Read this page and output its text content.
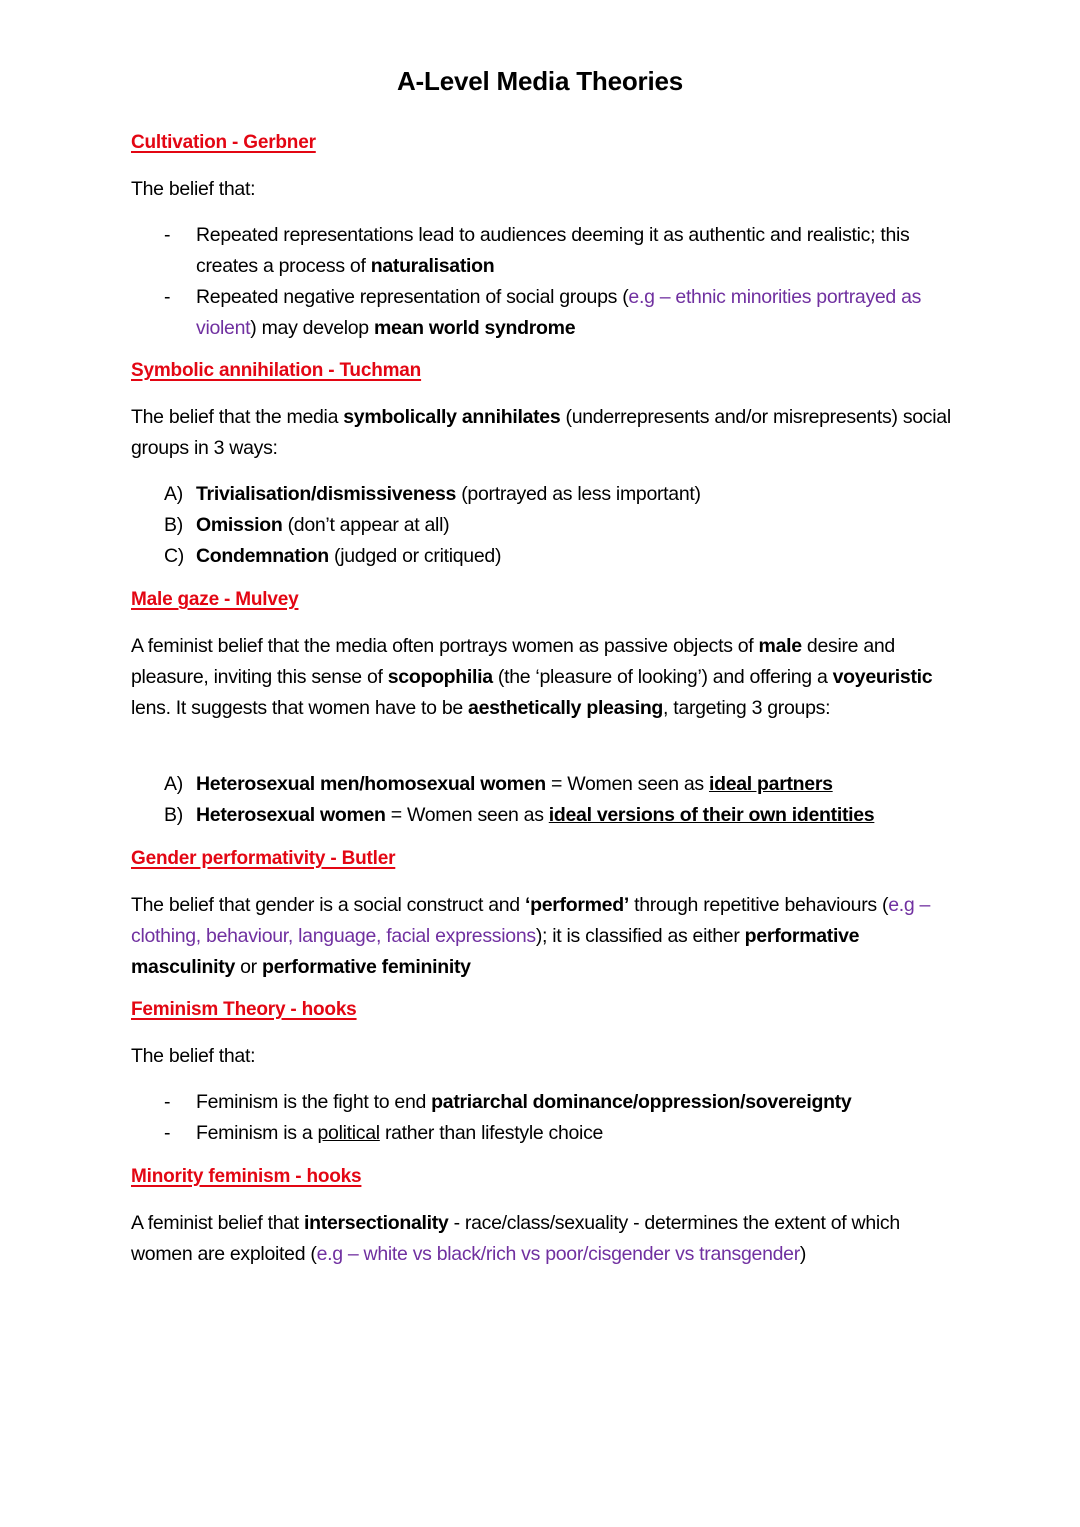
A-Level Media Theories
Cultivation - Gerbner
The belief that:
- Repeated representations lead to audiences deeming it as authentic and realistic; this creates a process of naturalisation
- Repeated negative representation of social groups (e.g – ethnic minorities portrayed as violent) may develop mean world syndrome
Symbolic annihilation - Tuchman
The belief that the media symbolically annihilates (underrepresents and/or misrepresents) social groups in 3 ways:
A) Trivialisation/dismissiveness (portrayed as less important)
B) Omission (don’t appear at all)
C) Condemnation (judged or critiqued)
Male gaze - Mulvey
A feminist belief that the media often portrays women as passive objects of male desire and pleasure, inviting this sense of scopophilia (the ‘pleasure of looking’) and offering a voyeuristic lens. It suggests that women have to be aesthetically pleasing, targeting 3 groups:
A) Heterosexual men/homosexual women = Women seen as ideal partners
B) Heterosexual women = Women seen as ideal versions of their own identities
Gender performativity - Butler
The belief that gender is a social construct and ‘performed’ through repetitive behaviours (e.g – clothing, behaviour, language, facial expressions); it is classified as either performative masculinity or performative femininity
Feminism Theory - hooks
The belief that:
- Feminism is the fight to end patriarchal dominance/oppression/sovereignty
- Feminism is a political rather than lifestyle choice
Minority feminism - hooks
A feminist belief that intersectionality - race/class/sexuality - determines the extent of which women are exploited (e.g – white vs black/rich vs poor/cisgender vs transgender)
